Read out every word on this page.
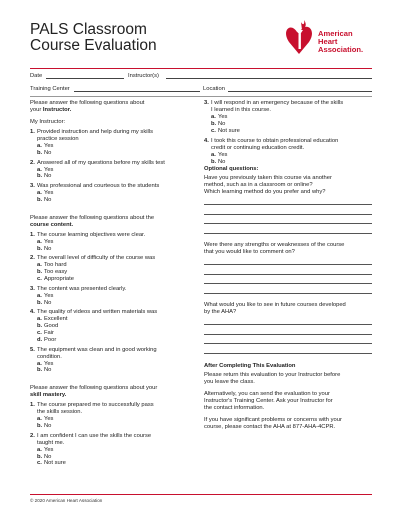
PALS Classroom
Course Evaluation
American
Heart
Association.
Date	Instructor(s)
Training Center	Location

Please answer the following questions about

your Instructor.

My Instructor:

1. Provided instruction and help during my skills

practice session

a. Yes
b. No
2. Answered all of my questions before my skills test

a. Yes
b. No
3. Was professional and courteous to the students

a. Yes
b. No

Please answer the following questions about the

course content.

1. The course learning objectives were clear.

a. Yes
b. No
2. The overall level of difficulty of the course was

a. Too hard
b. Too easy
c. Appropriate
3. The content was presented clearly.

a. Yes
b. No
4. The quality of videos and written materials was

a. Excellent
b. Good
c. Fair
d. Poor
5. The equipment was clean and in good working

condition.

a. Yes
b. No

Please answer the following questions about your

skill mastery.

1. The course prepared me to successfully pass

the skills session.

a. Yes
b. No
2. I am confident I can use the skills the course

taught me.

a. Yes
b. No
c. Not sure
3. I will respond in an emergency because of the skills

I learned in this course.

a. Yes
b. No
c. Not sure
4. I took this course to obtain professional education

credit or continuing education credit.

a. Yes
b. No

Optional questions:

Have you previously taken this course via another

method, such as in a classroom or online?

Which learning method do you prefer and why?

Were there any strengths or weaknesses of the course

that you would like to comment on?

What would you like to see in future courses developed

by the AHA?

After Completing This Evaluation

Please return this evaluation to your Instructor before

you leave the class.

Alternatively, you can send the evaluation to your

Instructor's Training Center. Ask your Instructor for

the contact information.

If you have significant problems or concerns with your

course, please contact the AHA at 877-AHA-4CPR.

© 2020 American Heart Association
